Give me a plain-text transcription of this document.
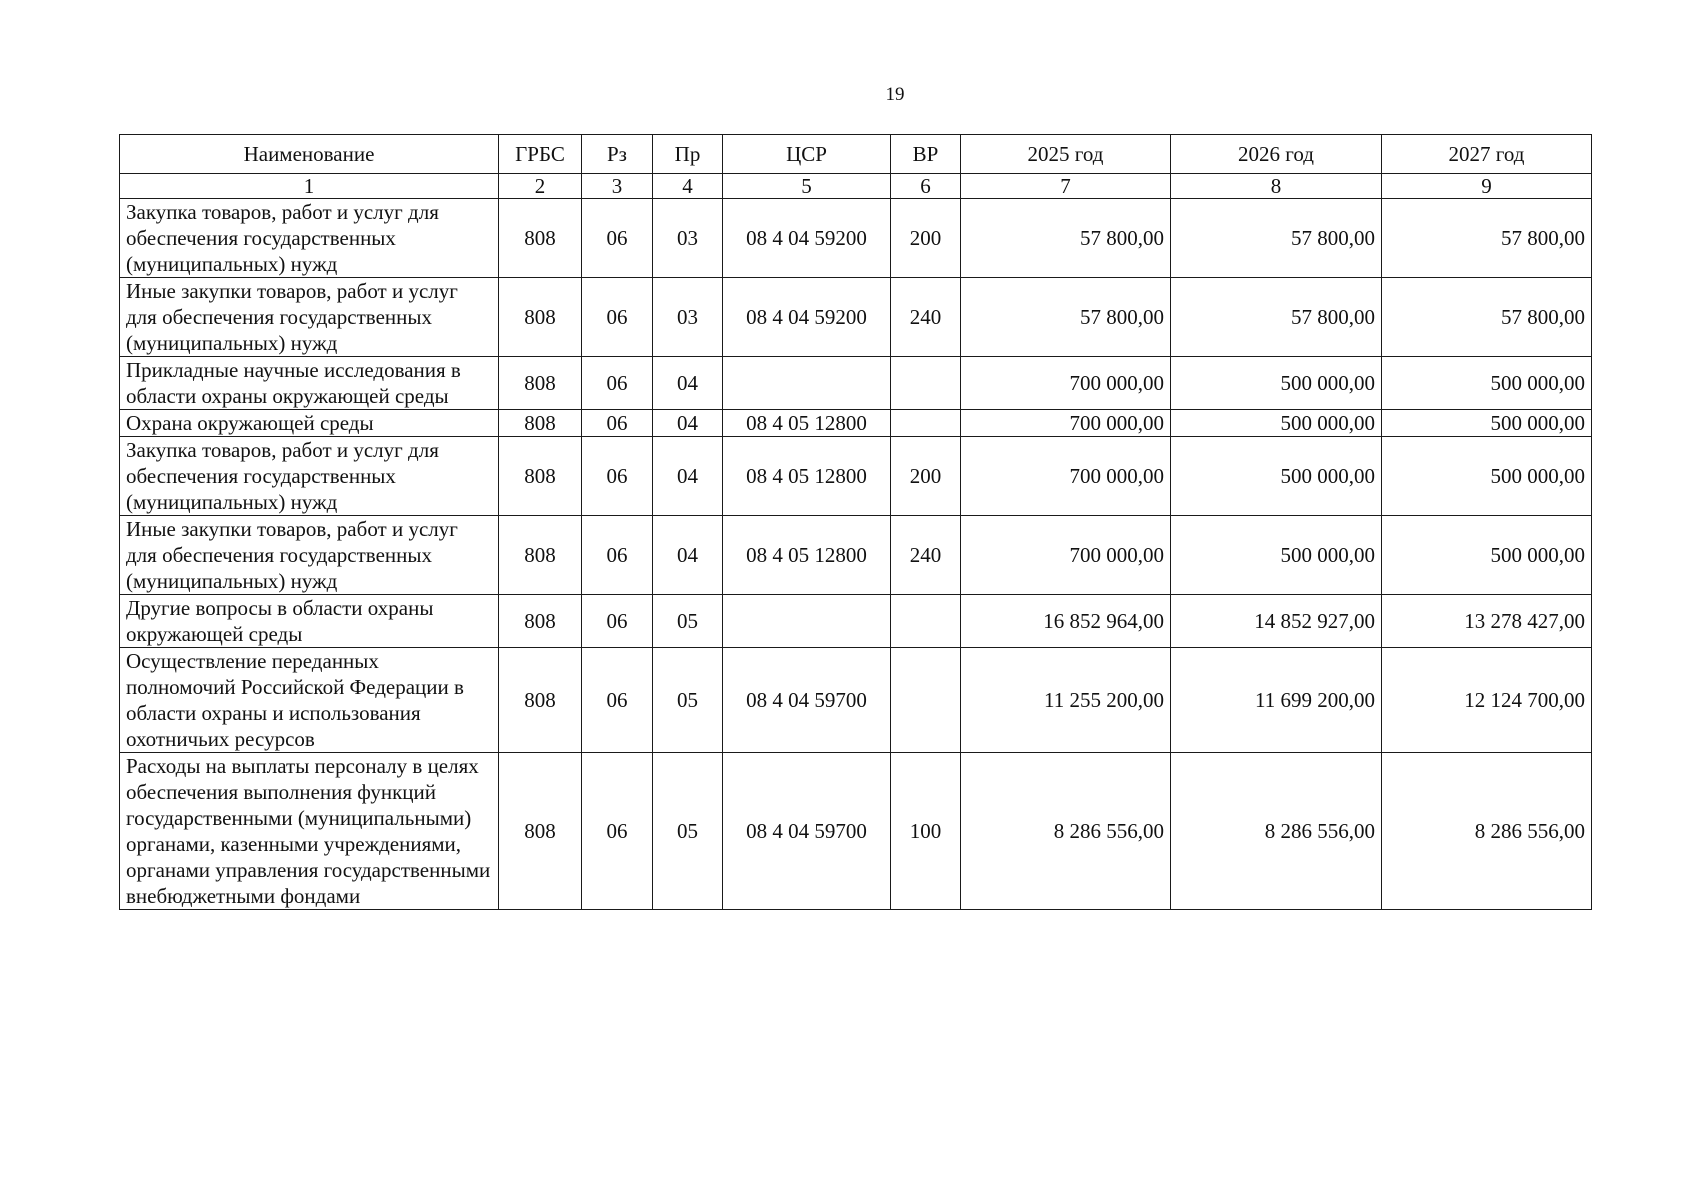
19
Наименование	ГРБС	Рз	Пр	ЦСР	ВР	2025 год	2026 год	2027 год
1	2	3	4	5	6	7	8	9
Закупка товаров, работ и услуг для обеспечения государственных (муниципальных) нужд	808	06	03	08 4 04 59200	200	57 800,00	57 800,00	57 800,00
Иные закупки товаров, работ и услуг для обеспечения государственных (муниципальных) нужд	808	06	03	08 4 04 59200	240	57 800,00	57 800,00	57 800,00
Прикладные научные исследования в области охраны окружающей среды	808	06	04			700 000,00	500 000,00	500 000,00
Охрана окружающей среды	808	06	04	08 4 05 12800		700 000,00	500 000,00	500 000,00
Закупка товаров, работ и услуг для обеспечения государственных (муниципальных) нужд	808	06	04	08 4 05 12800	200	700 000,00	500 000,00	500 000,00
Иные закупки товаров, работ и услуг для обеспечения государственных (муниципальных) нужд	808	06	04	08 4 05 12800	240	700 000,00	500 000,00	500 000,00
Другие вопросы в области охраны окружающей среды	808	06	05			16 852 964,00	14 852 927,00	13 278 427,00
Осуществление переданных полномочий Российской Федерации в области охраны и использования охотничьих ресурсов	808	06	05	08 4 04 59700		11 255 200,00	11 699 200,00	12 124 700,00
Расходы на выплаты персоналу в целях обеспечения выполнения функций государственными (муниципальными) органами, казенными учреждениями, органами управления государственными внебюджетными фондами	808	06	05	08 4 04 59700	100	8 286 556,00	8 286 556,00	8 286 556,00
